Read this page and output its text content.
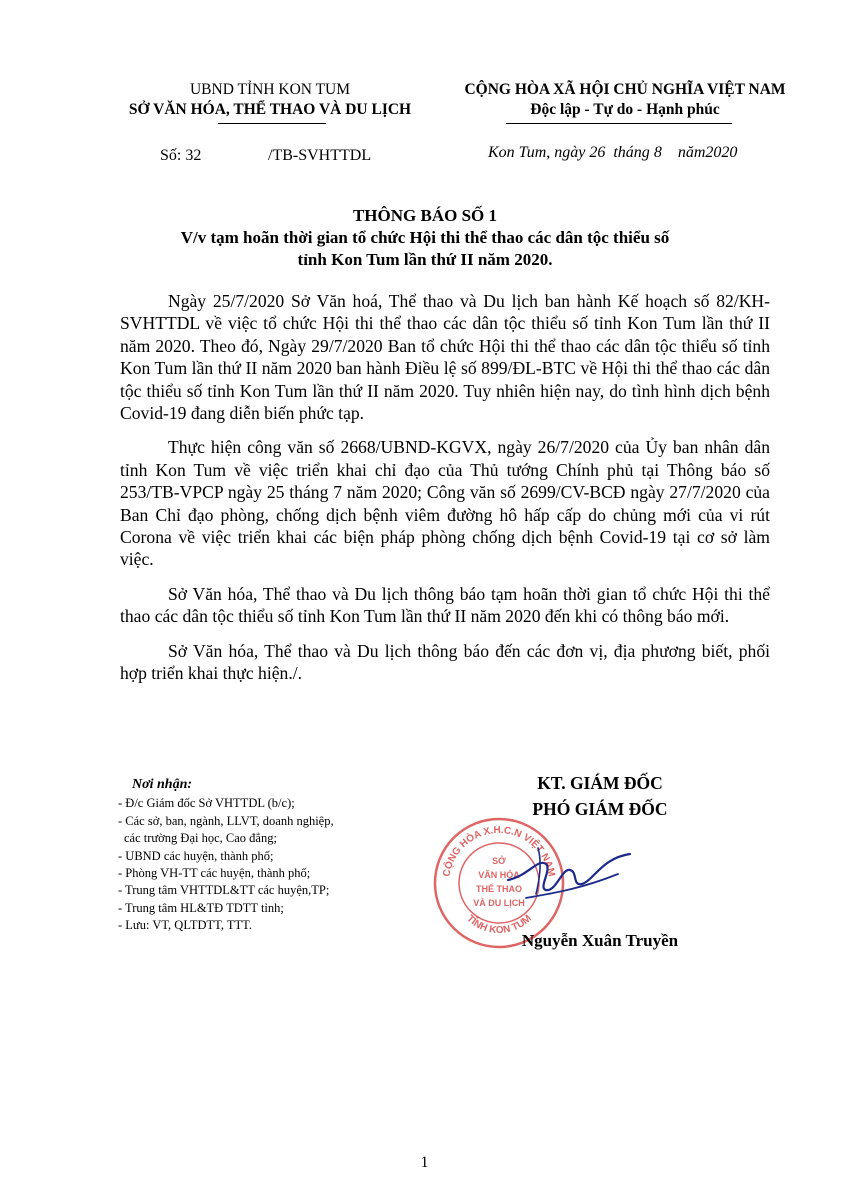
UBND TỈNH KON TUM
SỞ VĂN HÓA, THỂ THAO VÀ DU LỊCH
CỘNG HÒA XÃ HỘI CHỦ NGHĨA VIỆT NAM
Độc lập - Tự do - Hạnh phúc
Số: 32	/TB-SVHTTDL	Kon Tum, ngày 26 tháng 8 năm2020
THÔNG BÁO SỐ 1
V/v tạm hoãn thời gian tổ chức Hội thi thể thao các dân tộc thiểu số
tỉnh Kon Tum lần thứ II năm 2020.

Ngày 25/7/2020 Sở Văn hoá, Thể thao và Du lịch ban hành Kế hoạch số 82/KH-SVHTTDL về việc tổ chức Hội thi thể thao các dân tộc thiểu số tỉnh Kon Tum lần thứ II năm 2020. Theo đó, Ngày 29/7/2020 Ban tổ chức Hội thi thể thao các dân tộc thiểu số tỉnh Kon Tum lần thứ II năm 2020 ban hành Điều lệ số 899/ĐL-BTC về Hội thi thể thao các dân tộc thiểu số tỉnh Kon Tum lần thứ II năm 2020. Tuy nhiên hiện nay, do tình hình dịch bệnh Covid-19 đang diễn biến phức tạp.

Thực hiện công văn số 2668/UBND-KGVX, ngày 26/7/2020 của Ủy ban nhân dân tỉnh Kon Tum về việc triển khai chỉ đạo của Thủ tướng Chính phủ tại Thông báo số 253/TB-VPCP ngày 25 tháng 7 năm 2020; Công văn số 2699/CV-BCĐ ngày 27/7/2020 của Ban Chỉ đạo phòng, chống dịch bệnh viêm đường hô hấp cấp do chủng mới của vi rút Corona về việc triển khai các biện pháp phòng chống dịch bệnh Covid-19 tại cơ sở làm việc.

Sở Văn hóa, Thể thao và Du lịch thông báo tạm hoãn thời gian tổ chức Hội thi thể thao các dân tộc thiểu số tỉnh Kon Tum lần thứ II năm 2020 đến khi có thông báo mới.

Sở Văn hóa, Thể thao và Du lịch thông báo đến các đơn vị, địa phương biết, phối hợp triển khai thực hiện./.

Nơi nhận:
- Đ/c Giám đốc Sở VHTTDL (b/c);
- Các sở, ban, ngành, LLVT, doanh nghiệp,
các trường Đại học, Cao đẳng;
- UBND các huyện, thành phố;
- Phòng VH-TT các huyện, thành phố;
- Trung tâm VHTTDL&TT các huyện,TP;
- Trung tâm HL&TĐ TDTT tỉnh;
- Lưu: VT, QLTDTT, TTT.
KT. GIÁM ĐỐC
PHÓ GIÁM ĐỐC
CỘNG HÒA X.H.C.N VIỆT NAM
TỈNH KON TUM
SỞ
VĂN HÓA
THỂ THAO
VÀ DU LỊCH
Nguyễn Xuân Truyền
1
